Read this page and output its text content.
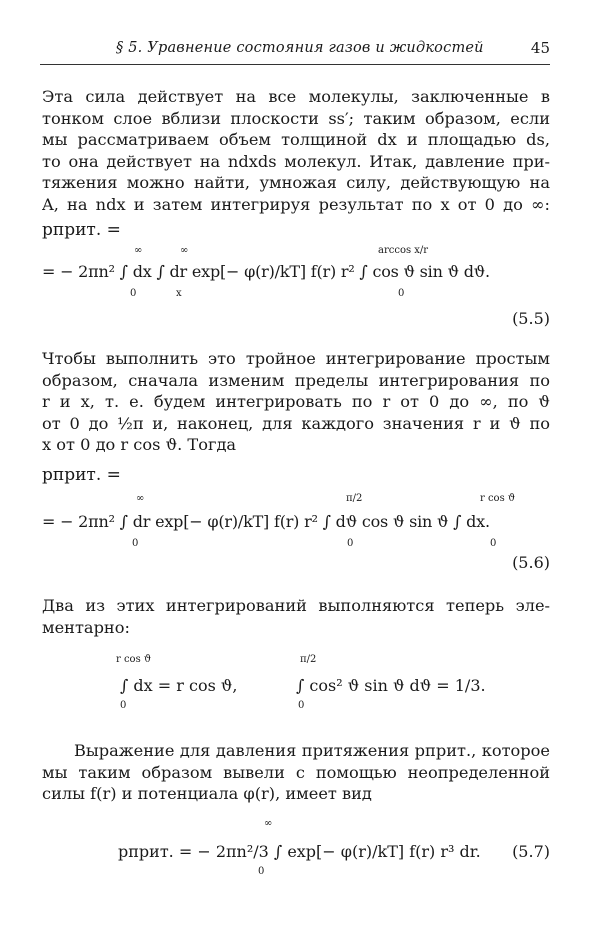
§ 5. Уравнение состояния газов и жидкостей	45
Эта сила действует на все молекулы, заключенные в
тонком слое вблизи плоскости ss′; таким образом, если
мы рассматриваем объем толщиной dx и площадью ds,
то она действует на ndxds молекул. Итак, давление при-
тяжения можно найти, умножая силу, действующую на
A, на ndx и затем интегрируя результат по x от 0 до ∞:
pприт. =
∞
0
∞
x
arccos x/r
0
= − 2πn² ∫ dx ∫ dr exp[− φ(r)/kT] f(r) r² ∫ cos ϑ sin ϑ dϑ.
(5.5)
Чтобы выполнить это тройное интегрирование простым
образом, сначала изменим пределы интегрирования по
r и x, т. е. будем интегрировать по r от 0 до ∞, по ϑ
от 0 до ½π и, наконец, для каждого значения r и ϑ по
x от 0 до r cos ϑ. Тогда
pприт. =
∞
0
π/2
0
r cos ϑ
0
= − 2πn² ∫ dr exp[− φ(r)/kT] f(r) r² ∫ dϑ cos ϑ sin ϑ ∫ dx.
(5.6)
Два из этих интегрирований выполняются теперь эле-
ментарно:
r cos ϑ
0
∫ dx = r cos ϑ,
π/2
0
∫ cos² ϑ sin ϑ dϑ = 1/3.
Выражение для давления притяжения pприт., которое
мы таким образом вывели с помощью неопределенной
силы f(r) и потенциала φ(r), имеет вид
∞
0
pприт. = − 2πn²/3 ∫ exp[− φ(r)/kT] f(r) r³ dr. (5.7)
